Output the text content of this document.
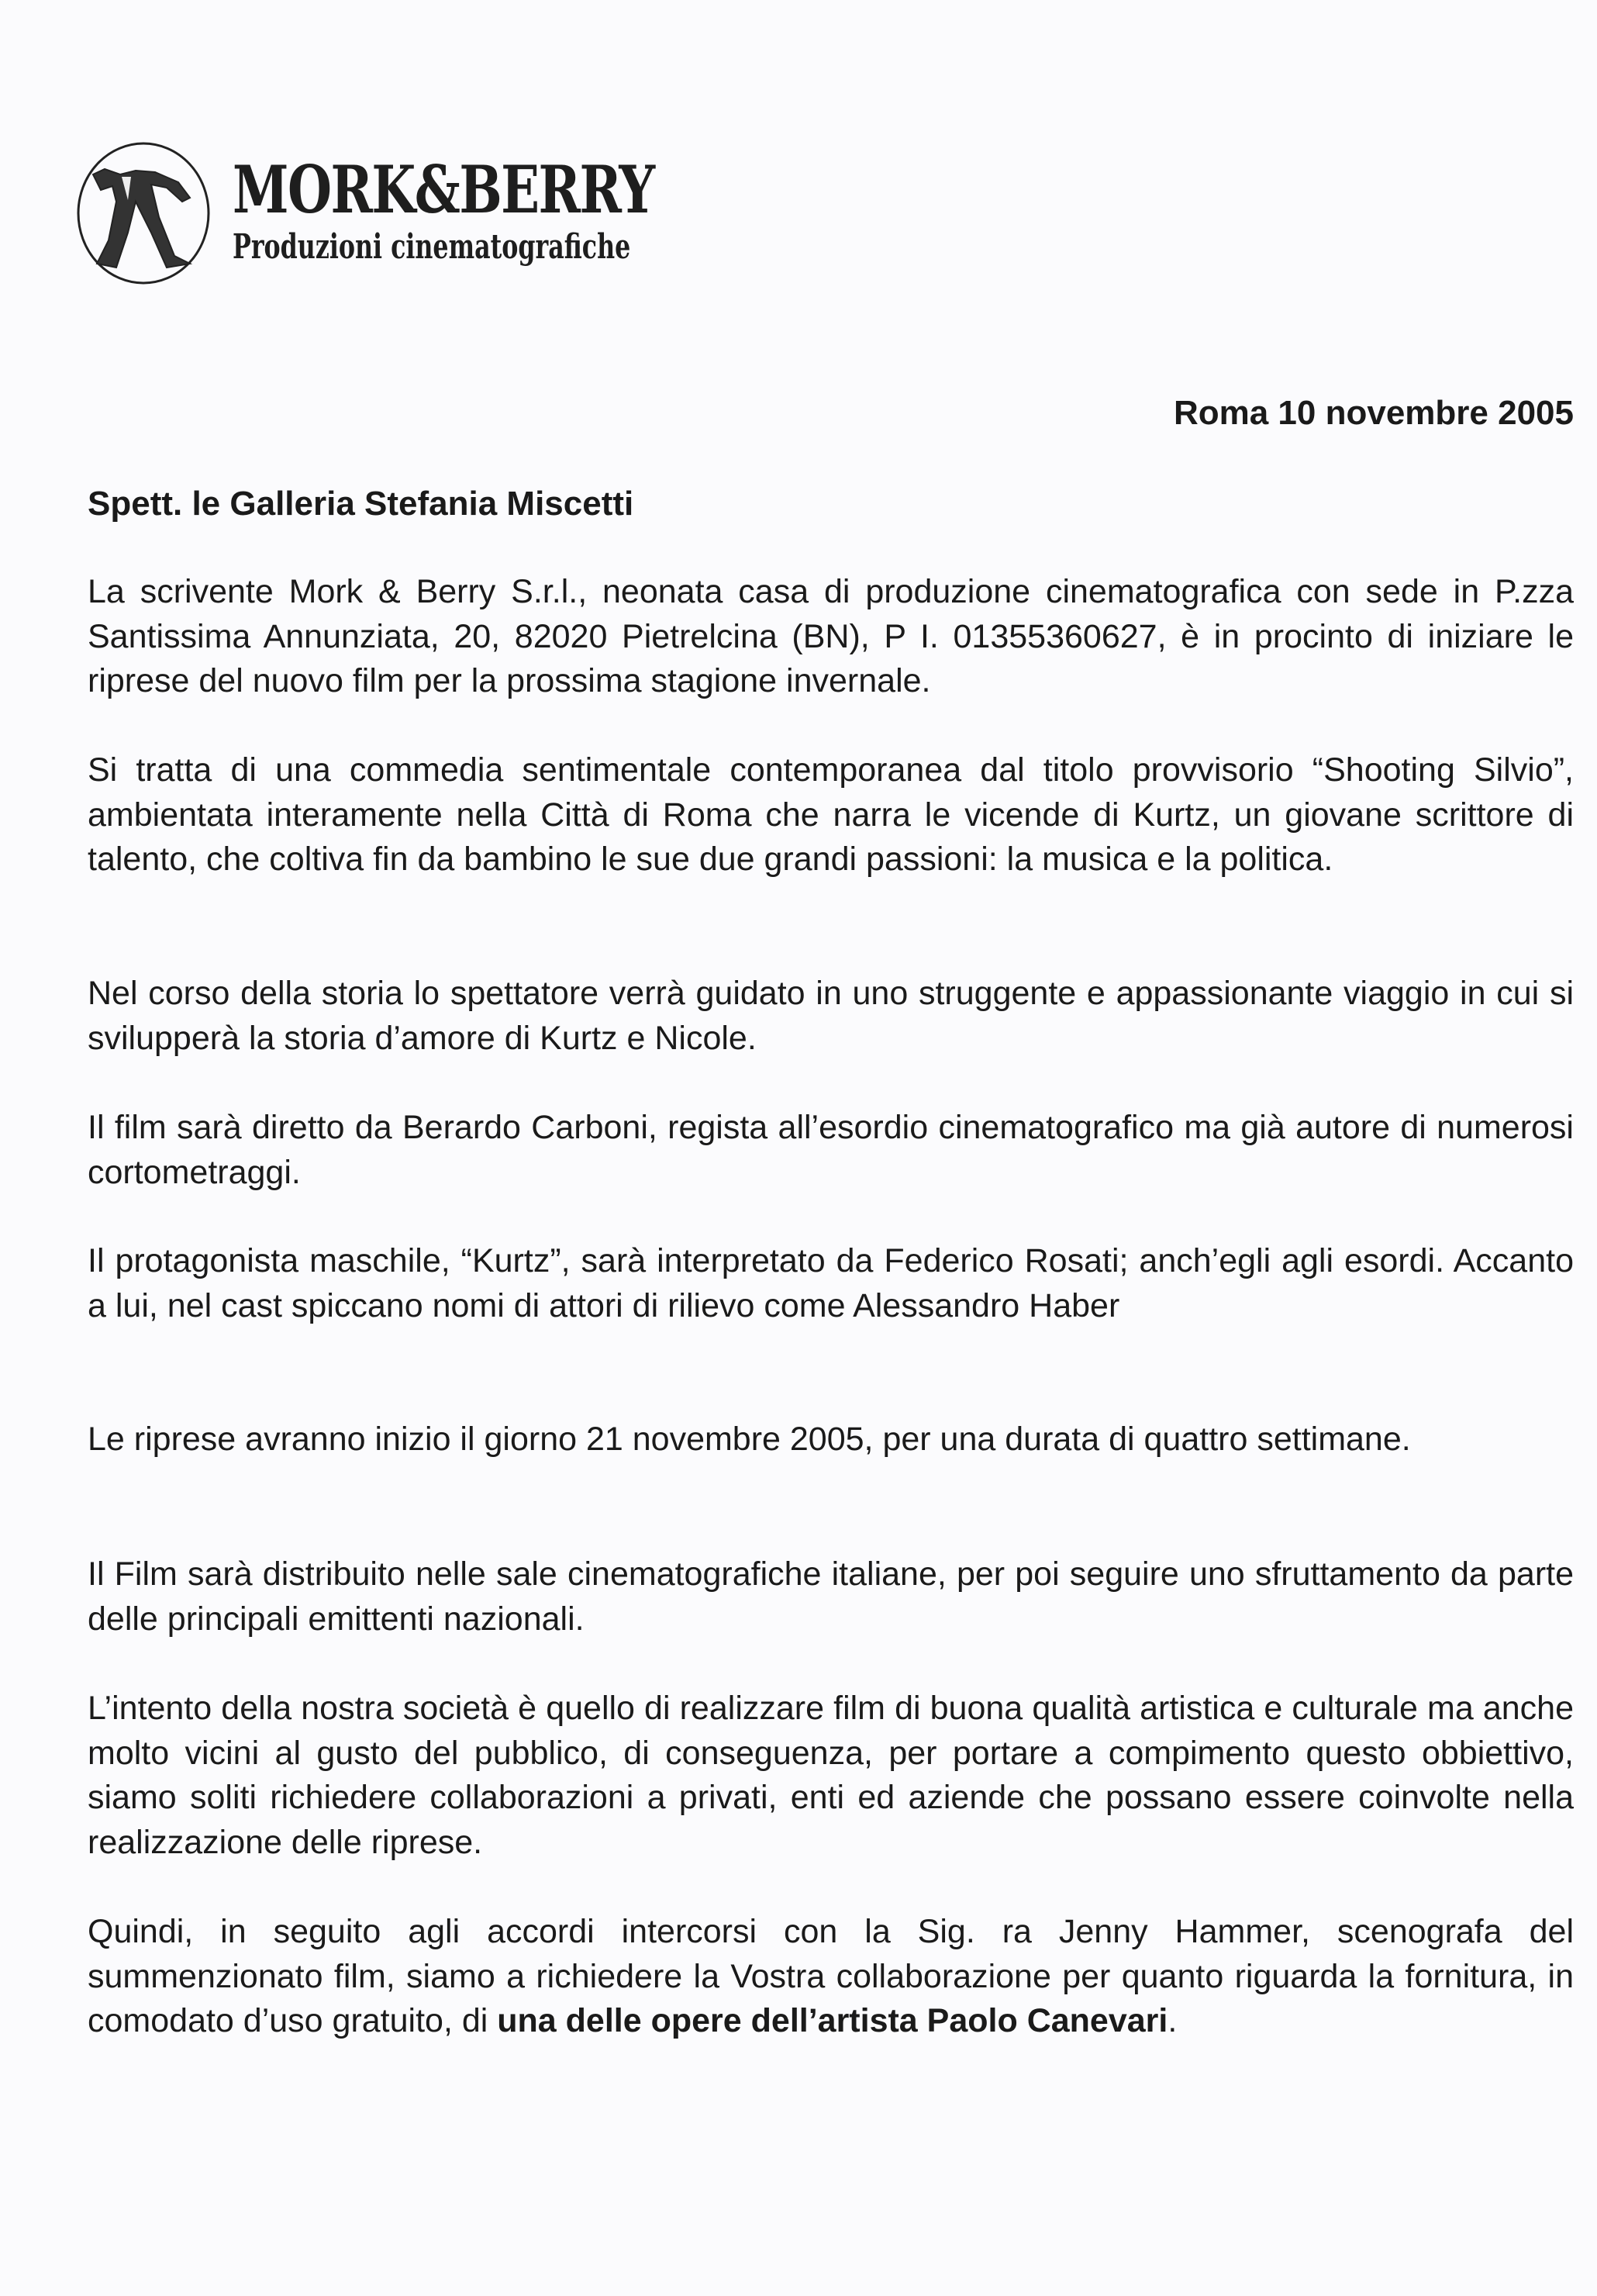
MORK&BERRY
Produzioni cinematografiche
Roma 10 novembre 2005
Spett. le Galleria Stefania Miscetti
La scrivente Mork & Berry S.r.l., neonata casa di produzione cinematografica con sede in P.zza Santissima Annunziata, 20, 82020 Pietrelcina (BN), P I. 01355360627, è in procinto di iniziare le riprese del nuovo film per la prossima stagione invernale.
Si tratta di una commedia sentimentale contemporanea dal titolo provvisorio “Shooting Silvio”, ambientata interamente nella Città di Roma che narra le vicende di Kurtz, un giovane scrittore di talento, che coltiva fin da bambino le sue due grandi passioni: la musica e la politica.
Nel corso della storia lo spettatore verrà guidato in uno struggente e appassionante viaggio in cui si svilupperà la storia d’amore di Kurtz e Nicole.
Il film sarà diretto da Berardo Carboni, regista all’esordio cinematografico ma già autore di numerosi cortometraggi.
Il protagonista maschile, “Kurtz”, sarà interpretato da Federico Rosati; anch’egli agli esordi. Accanto a lui, nel cast spiccano nomi di attori di rilievo come Alessandro Haber
Le riprese avranno inizio il giorno 21 novembre 2005, per una durata di quattro settimane.
Il Film sarà distribuito nelle sale cinematografiche italiane, per poi seguire uno sfruttamento da parte delle principali emittenti nazionali.
L’intento della nostra società è quello di realizzare film di buona qualità artistica e culturale ma anche molto vicini al gusto del pubblico, di conseguenza, per portare a compimento questo obbiettivo, siamo soliti richiedere collaborazioni a privati, enti ed aziende che possano essere coinvolte nella realizzazione delle riprese.
Quindi, in seguito agli accordi intercorsi con la Sig. ra Jenny Hammer, scenografa del summenzionato film, siamo a richiedere la Vostra collaborazione per quanto riguarda la fornitura, in comodato d’uso gratuito, di una delle opere dell’artista Paolo Canevari.
